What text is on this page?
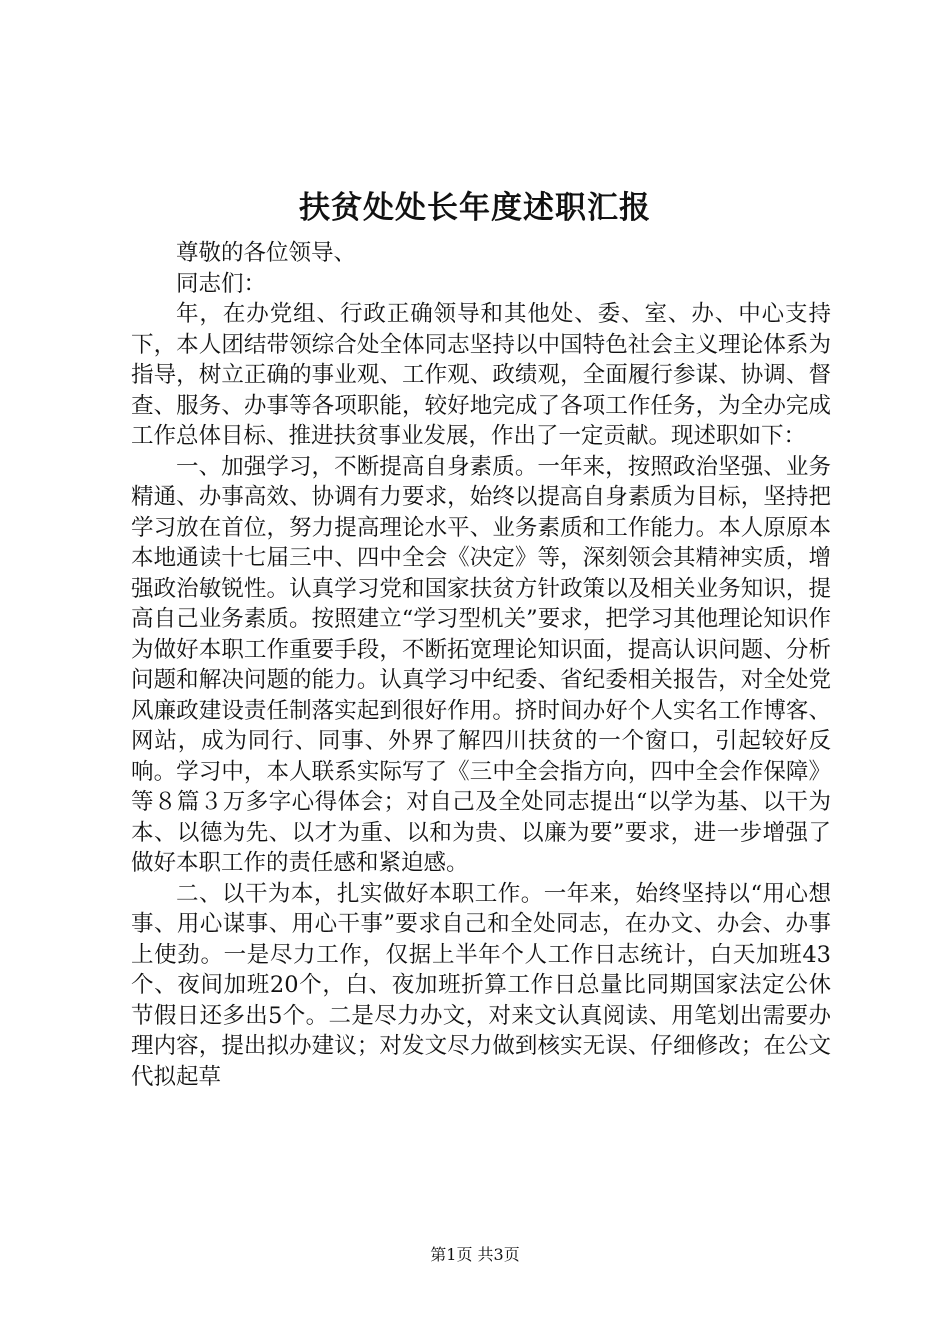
扶贫处处长年度述职汇报

尊敬的各位领导、

同志们：

年，在办党组、行政正确领导和其他处、委、室、办、中心支持下，本人团结带领综合处全体同志坚持以中国特色社会主义理论体系为指导，树立正确的事业观、工作观、政绩观，全面履行参谋、协调、督查、服务、办事等各项职能，较好地完成了各项工作任务，为全办完成工作总体目标、推进扶贫事业发展，作出了一定贡献。现述职如下：

一、加强学习，不断提高自身素质。一年来，按照政治坚强、业务精通、办事高效、协调有力要求，始终以提高自身素质为目标，坚持把学习放在首位，努力提高理论水平、业务素质和工作能力。本人原原本本地通读十七届三中、四中全会《决定》等，深刻领会其精神实质，增强政治敏锐性。认真学习党和国家扶贫方针政策以及相关业务知识，提高自己业务素质。按照建立“学习型机关”要求，把学习其他理论知识作为做好本职工作重要手段，不断拓宽理论知识面，提高认识问题、分析问题和解决问题的能力。认真学习中纪委、省纪委相关报告，对全处党风廉政建设责任制落实起到很好作用。挤时间办好个人实名工作博客、网站，成为同行、同事、外界了解四川扶贫的一个窗口，引起较好反响。学习中，本人联系实际写了《三中全会指方向，四中全会作保障》等８篇３万多字心得体会；对自己及全处同志提出“以学为基、以干为本、以德为先、以才为重、以和为贵、以廉为要”要求，进一步增强了做好本职工作的责任感和紧迫感。

二、以干为本，扎实做好本职工作。一年来，始终坚持以“用心想事、用心谋事、用心干事”要求自己和全处同志，在办文、办会、办事上使劲。一是尽力工作，仅据上半年个人工作日志统计，白天加班43个、夜间加班20个，白、夜加班折算工作日总量比同期国家法定公休节假日还多出5个。二是尽力办文，对来文认真阅读、用笔划出需要办理内容，提出拟办建议；对发文尽力做到核实无误、仔细修改；在公文代拟起草

第1页 共3页
